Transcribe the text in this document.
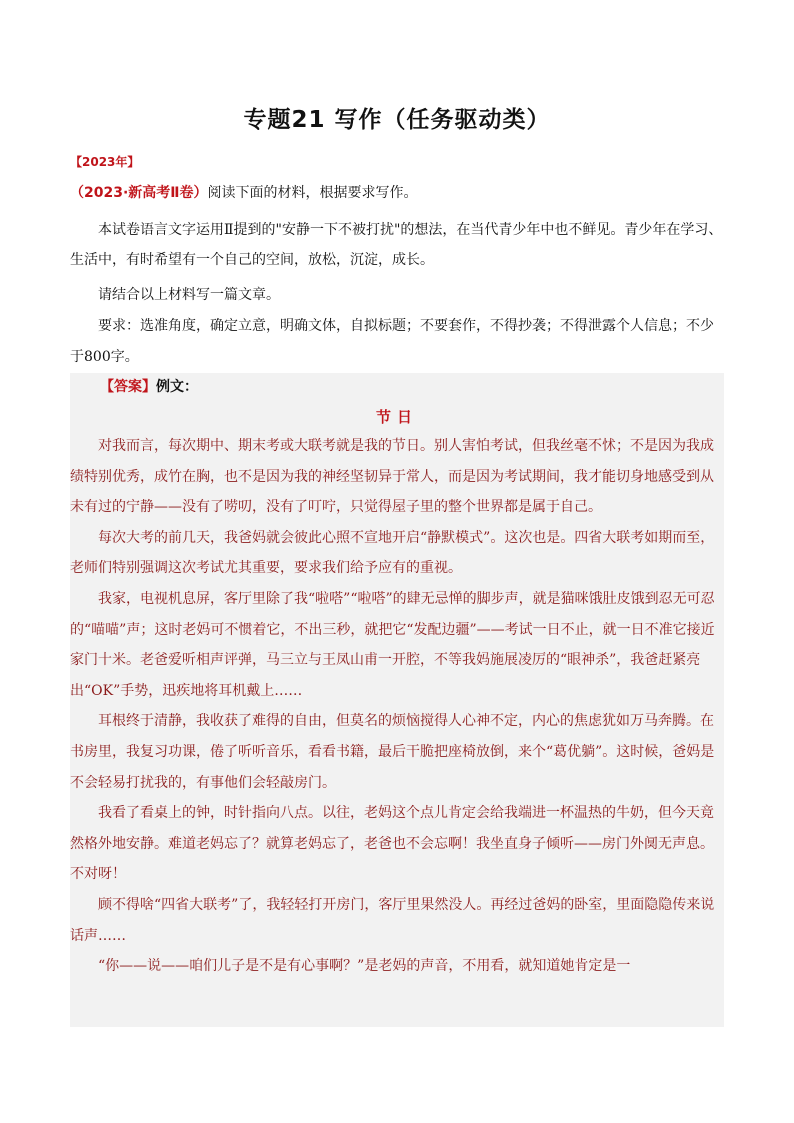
专题21 写作（任务驱动类）
【2023年】
（2023·新高考Ⅱ卷）阅读下面的材料，根据要求写作。

本试卷语言文字运用Ⅱ提到的"安静一下不被打扰"的想法，在当代青少年中也不鲜见。青少年在学习、生活中，有时希望有一个自己的空间，放松，沉淀，成长。

请结合以上材料写一篇文章。

要求：选准角度，确定立意，明确文体，自拟标题；不要套作，不得抄袭；不得泄露个人信息；不少于800字。

【答案】例文：
节日

对我而言，每次期中、期末考或大联考就是我的节日。别人害怕考试，但我丝毫不怵；不是因为我成绩特别优秀，成竹在胸，也不是因为我的神经坚韧异于常人，而是因为考试期间，我才能切身地感受到从未有过的宁静——没有了唠叨，没有了叮咛，只觉得屋子里的整个世界都是属于自己。

每次大考的前几天，我爸妈就会彼此心照不宣地开启“静默模式”。这次也是。四省大联考如期而至，老师们特别强调这次考试尤其重要，要求我们给予应有的重视。

我家，电视机息屏，客厅里除了我“啦嗒”“啦嗒”的肆无忌惮的脚步声，就是猫咪饿肚皮饿到忍无可忍的“喵喵”声；这时老妈可不惯着它，不出三秒，就把它“发配边疆”——考试一日不止，就一日不准它接近家门十米。老爸爱听相声评弹，马三立与王凤山甫一开腔，不等我妈施展凌厉的“眼神杀”，我爸赶紧亮出“OK”手势，迅疾地将耳机戴上……

耳根终于清静，我收获了难得的自由，但莫名的烦恼搅得人心神不定，内心的焦虑犹如万马奔腾。在书房里，我复习功课，倦了听听音乐，看看书籍，最后干脆把座椅放倒，来个“葛优躺”。这时候，爸妈是不会轻易打扰我的，有事他们会轻敲房门。

我看了看桌上的钟，时针指向八点。以往，老妈这个点儿肯定会给我端进一杯温热的牛奶，但今天竟然格外地安静。难道老妈忘了？就算老妈忘了，老爸也不会忘啊！我坐直身子倾听——房门外阒无声息。不对呀！

顾不得啥“四省大联考”了，我轻轻打开房门，客厅里果然没人。再经过爸妈的卧室，里面隐隐传来说话声……

“你——说——咱们儿子是不是有心事啊？”是老妈的声音，不用看，就知道她肯定是一
